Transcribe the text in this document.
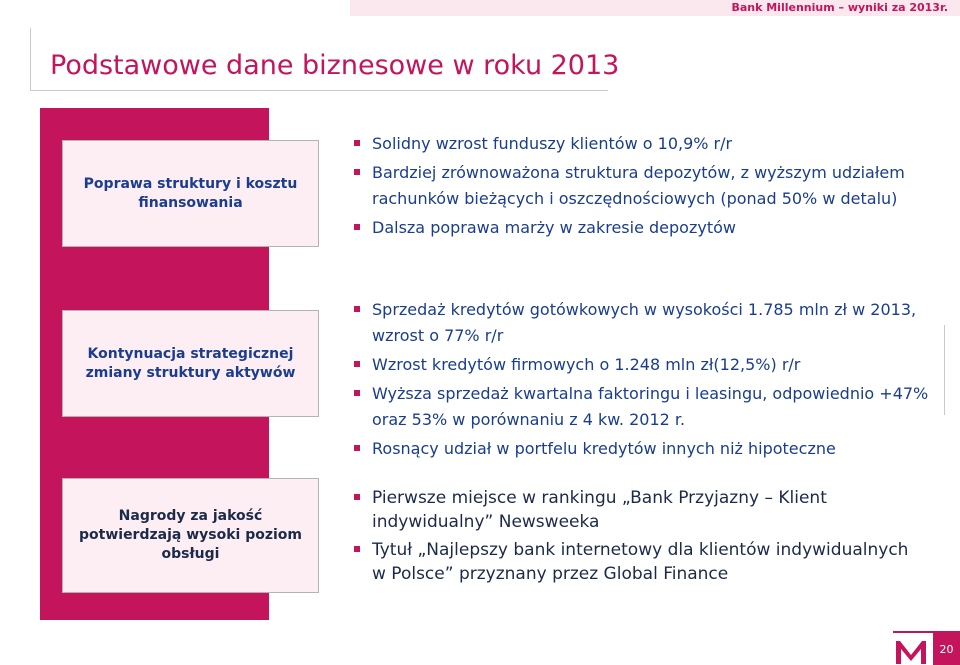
Bank Millennium – wyniki za 2013r.
Podstawowe dane biznesowe w roku 2013
Poprawa struktury i kosztu finansowania
Kontynuacja strategicznej zmiany struktury aktywów
Nagrody za jakość potwierdzają wysoki poziom obsługi
Solidny wzrost funduszy klientów o 10,9% r/r
Bardziej zrównoważona struktura depozytów, z wyższym udziałem rachunków bieżących i oszczędnościowych (ponad 50% w detalu)
Dalsza poprawa marży w zakresie depozytów
Sprzedaż kredytów gotówkowych w wysokości 1.785 mln zł w 2013, wzrost o 77% r/r
Wzrost kredytów firmowych o 1.248 mln zł(12,5%) r/r
Wyższa sprzedaż kwartalna faktoringu i leasingu, odpowiednio +47% oraz 53% w porównaniu z 4 kw. 2012 r.
Rosnący udział w portfelu kredytów innych niż hipoteczne
Pierwsze miejsce w rankingu „Bank Przyjazny – Klient indywidualny” Newsweeka
Tytuł „Najlepszy bank internetowy dla klientów indywidualnych w Polsce” przyznany przez Global Finance
20
